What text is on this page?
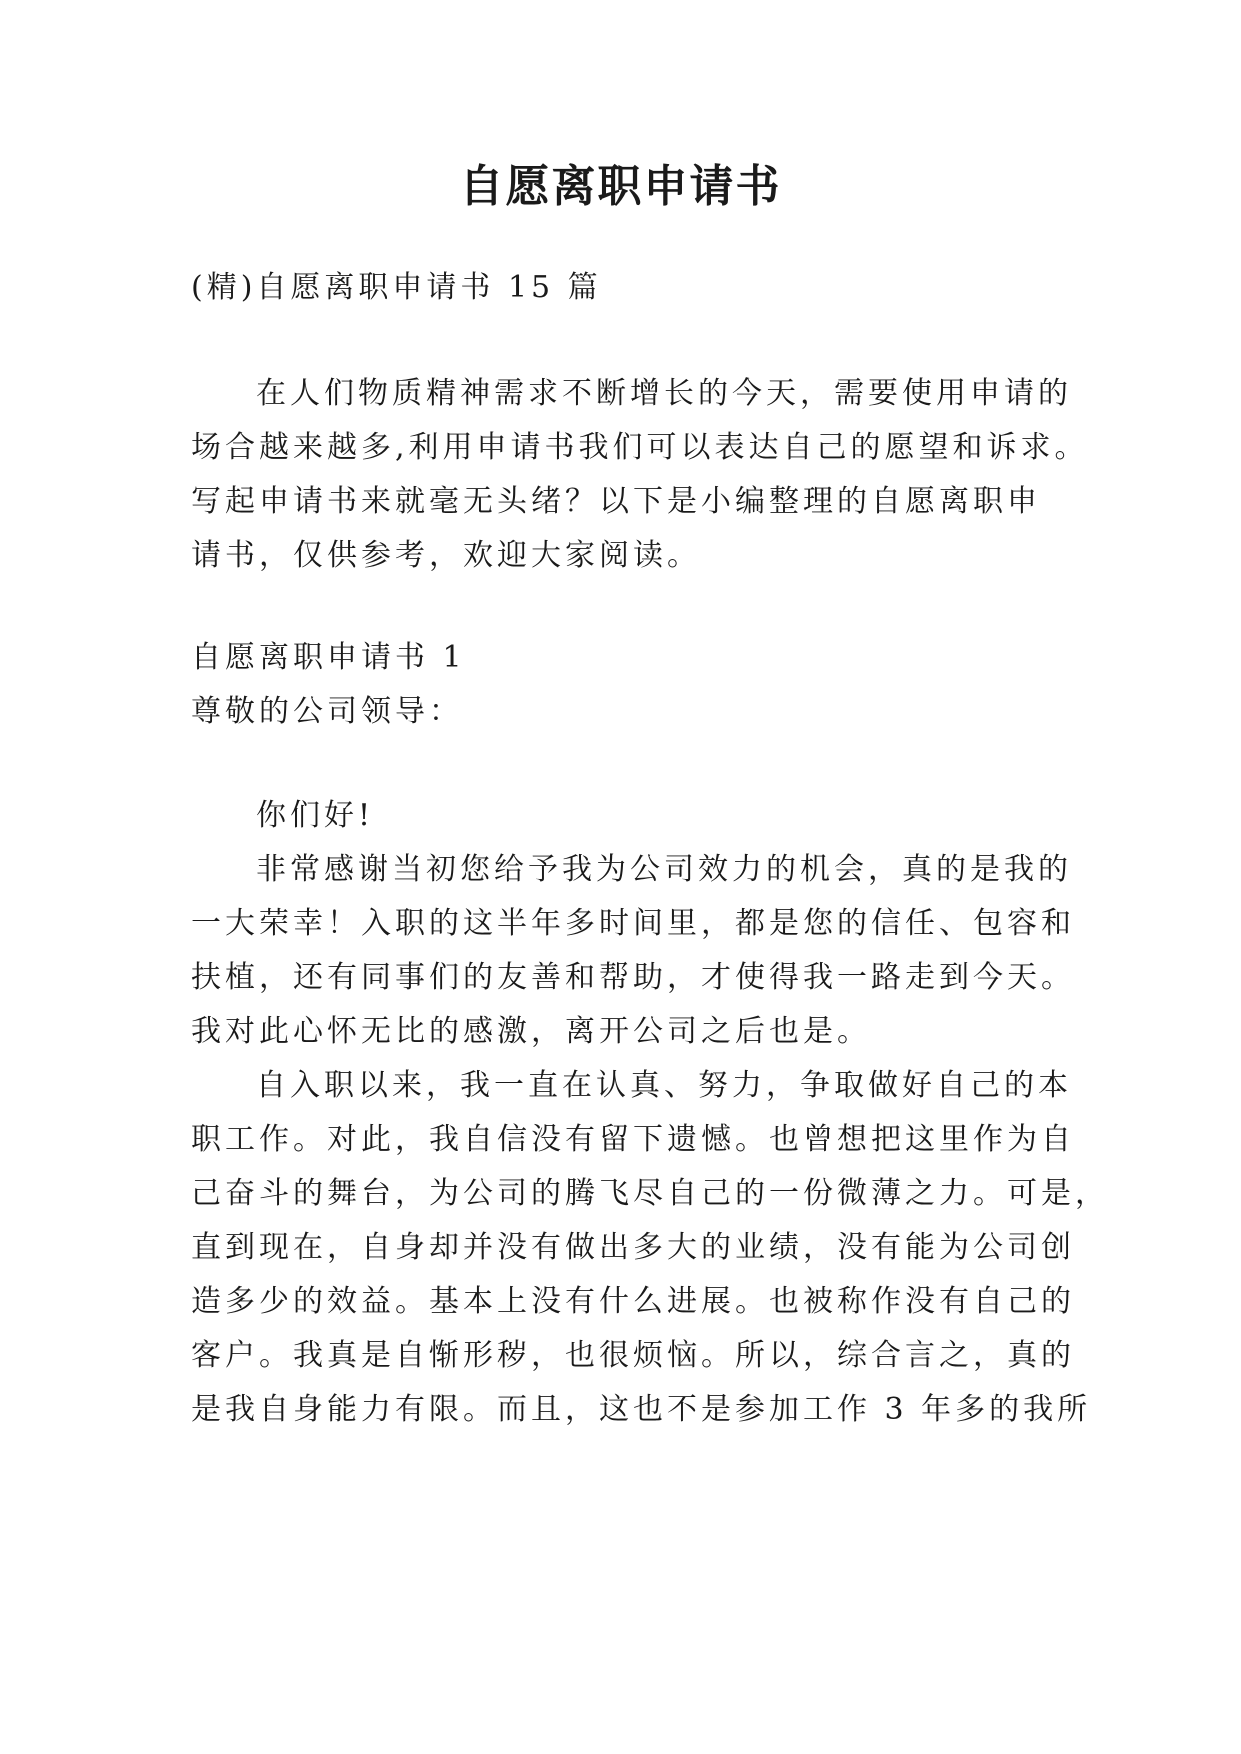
自愿离职申请书
(精)自愿离职申请书 15 篇
在人们物质精神需求不断增长的今天，需要使用申请的
场合越来越多,利用申请书我们可以表达自己的愿望和诉求。
写起申请书来就毫无头绪？以下是小编整理的自愿离职申
请书，仅供参考，欢迎大家阅读。
自愿离职申请书 1
尊敬的公司领导：
你们好!
非常感谢当初您给予我为公司效力的机会，真的是我的
一大荣幸！入职的这半年多时间里，都是您的信任、包容和
扶植，还有同事们的友善和帮助，才使得我一路走到今天。
我对此心怀无比的感激，离开公司之后也是。
自入职以来，我一直在认真、努力，争取做好自己的本
职工作。对此，我自信没有留下遗憾。也曾想把这里作为自
己奋斗的舞台，为公司的腾飞尽自己的一份微薄之力。可是，
直到现在，自身却并没有做出多大的业绩，没有能为公司创
造多少的效益。基本上没有什么进展。也被称作没有自己的
客户。我真是自惭形秽，也很烦恼。所以，综合言之，真的
是我自身能力有限。而且，这也不是参加工作 3 年多的我所
